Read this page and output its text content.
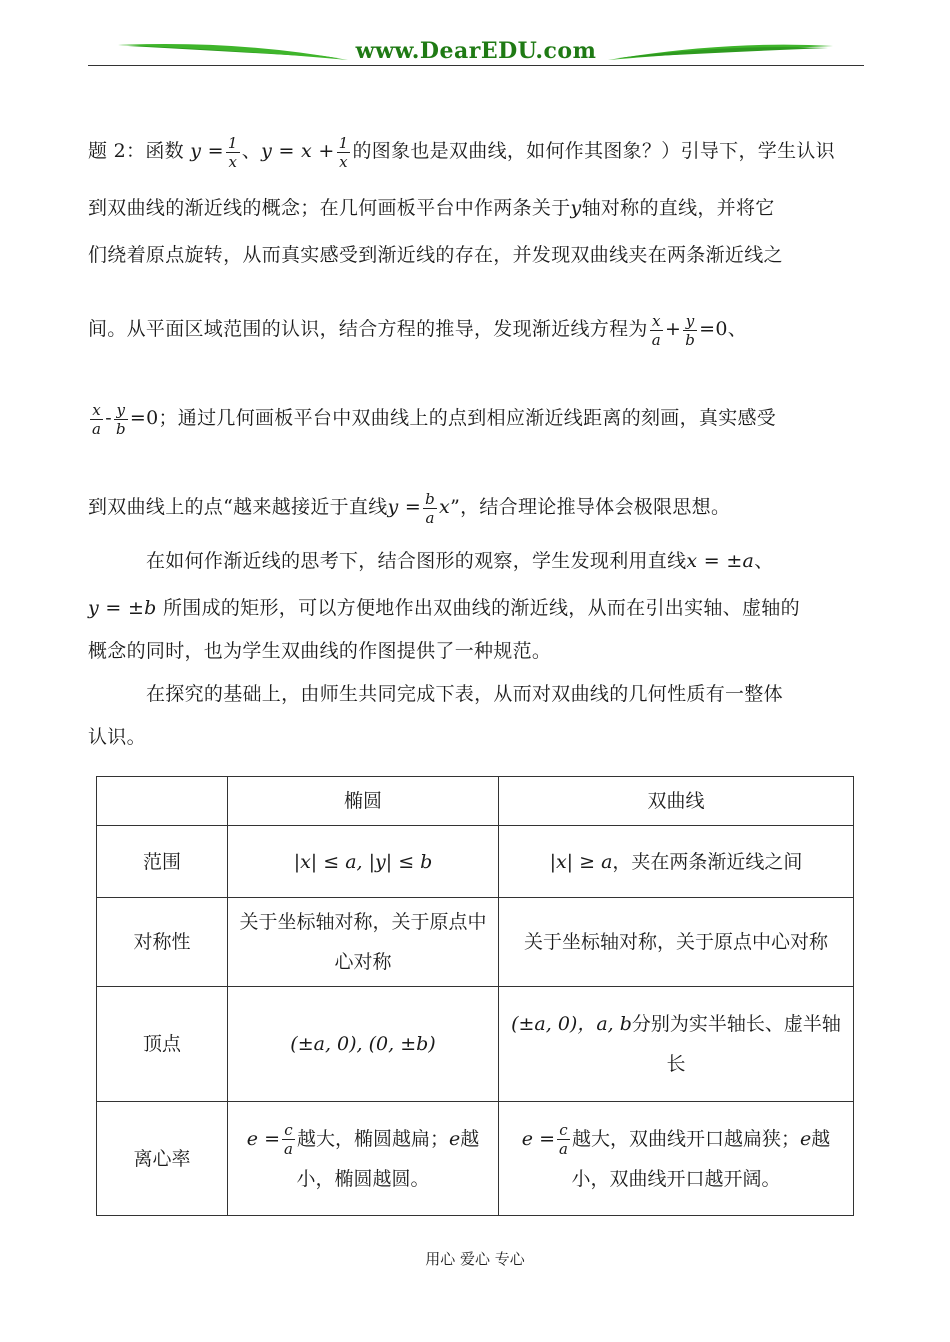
www.DearEDU.com
题 2：函数 $y = \frac{1}{x}$ 、$y = x + \frac{1}{x}$ 的图象也是双曲线，如何作其图象？）引导下，学生认识
到双曲线的渐近线的概念；在几何画板平台中作两条关于y轴对称的直线，并将它
们绕着原点旋转，从而真实感受到渐近线的存在，并发现双曲线夹在两条渐近线之
间。从平面区域范围的认识，结合方程的推导，发现渐近线方程为 $\frac{x}{a} + \frac{y}{b} =0$、
$\frac{x}{a} - \frac{y}{b} =0$；通过几何画板平台中双曲线上的点到相应渐近线距离的刻画，真实感受
到双曲线上的点“越来越接近于直线$y = \frac{b}{a} x$”，结合理论推导体会极限思想。
在如何作渐近线的思考下，结合图形的观察，学生发现利用直线x = ±a、
y = ±b 所围成的矩形，可以方便地作出双曲线的渐近线，从而在引出实轴、虚轴的
概念的同时，也为学生双曲线的作图提供了一种规范。
在探究的基础上，由师生共同完成下表，从而对双曲线的几何性质有一整体
认识。
	椭圆	双曲线
范围	|x| ≤ a, |y| ≤ b	|x| ≥ a，夹在两条渐近线之间
对称性	关于坐标轴对称，关于原点中心对称	关于坐标轴对称，关于原点中心对称
顶点	(±a, 0), (0, ±b)	(±a, 0)，a, b分别为实半轴长、虚半轴长
离心率	$e = \frac{c}{a}$ 越大，椭圆越扁；e越小，椭圆越圆。	$e = \frac{c}{a}$ 越大，双曲线开口越扁狭；e越小，双曲线开口越开阔。
用心 爱心 专心
